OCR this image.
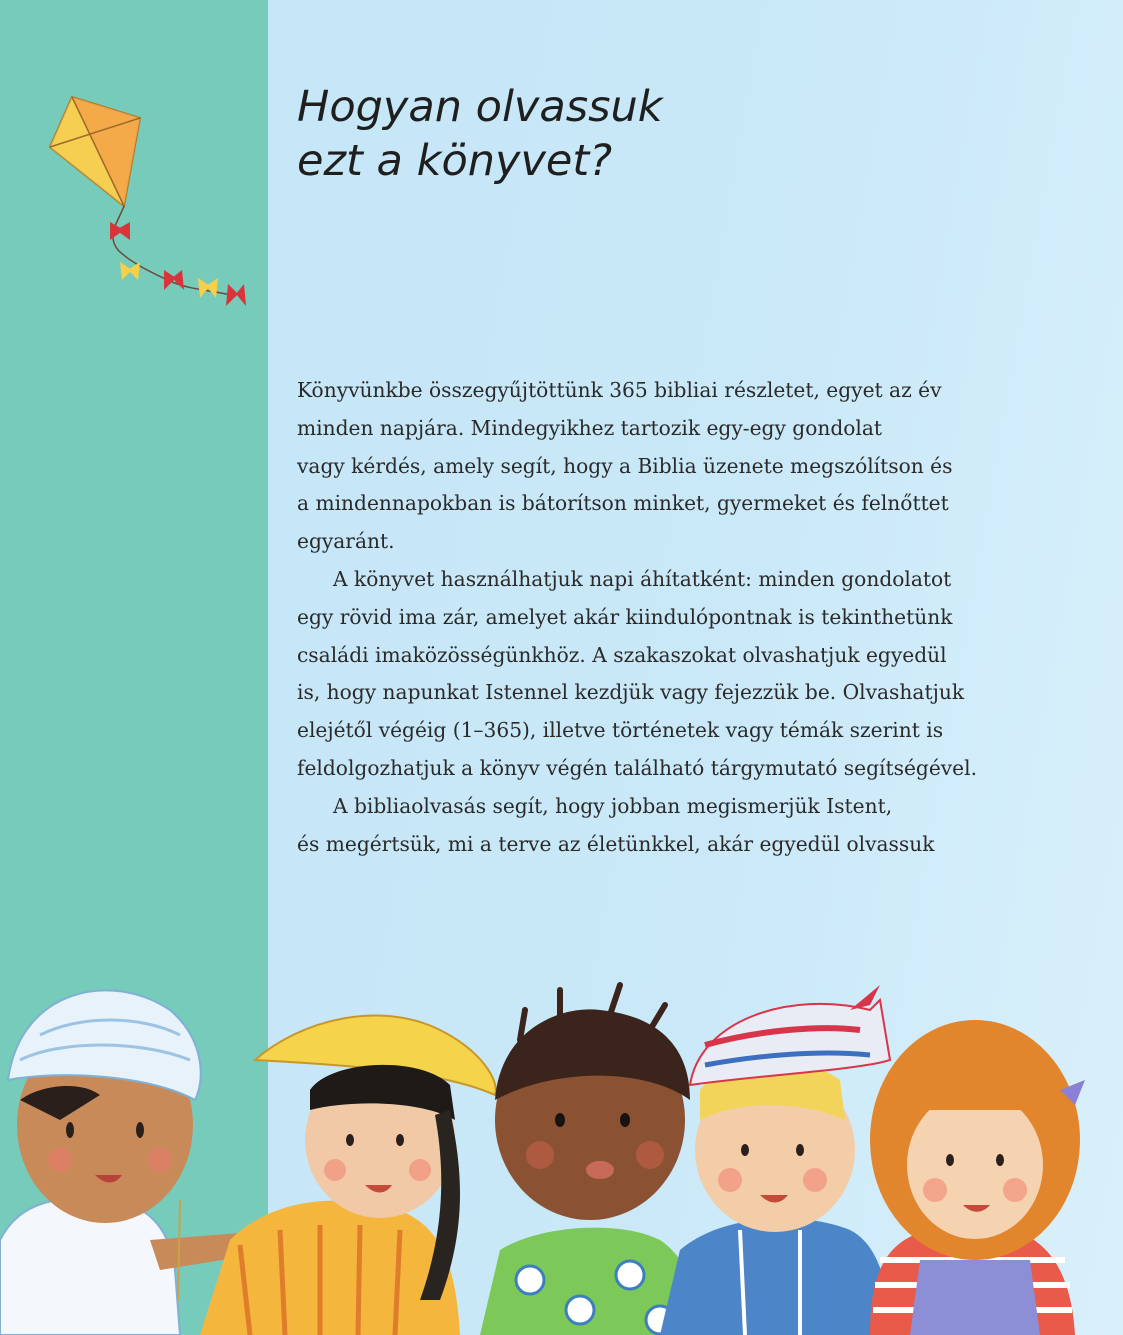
Hogyan olvassuk
ezt a könyvet?
Könyvünkbe összegyűjtöttünk 365 bibliai részletet, egyet az év
minden napjára. Mindegyikhez tartozik egy-egy gondolat
vagy kérdés, amely segít, hogy a Biblia üzenete megszólítson és
a mindennapokban is bátorítson minket, gyermeket és felnőttet
egyaránt.
A könyvet használhatjuk napi áhítatként: minden gondolatot
egy rövid ima zár, amelyet akár kiindulópontnak is tekinthetünk
családi imaközösségünkhöz. A szakaszokat olvashatjuk egyedül
is, hogy napunkat Istennel kezdjük vagy fejezzük be. Olvashatjuk
elejétől végéig (1–365), illetve történetek vagy témák szerint is
feldolgozhatjuk a könyv végén található tárgymutató segítségével.
A bibliaolvasás segít, hogy jobban megismerjük Istent,
és megértsük, mi a terve az életünkkel, akár egyedül olvassuk
